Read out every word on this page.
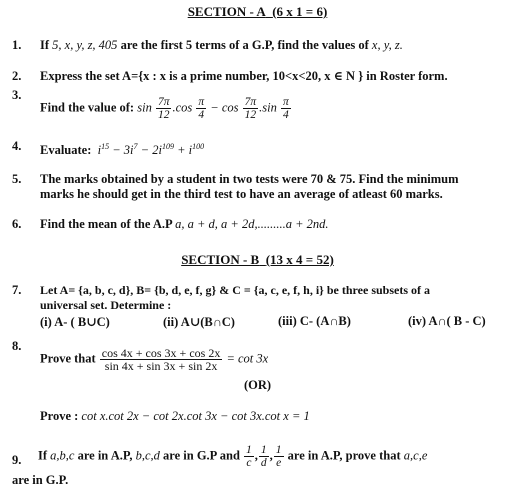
SECTION - A (6 x 1 = 6)
1. If 5, x, y, z, 405 are the first 5 terms of a G.P, find the values of x, y, z.
2. Express the set A={x : x is a prime number, 10<x<20, x ∈ N } in Roster form.
3.
Find the value of: $\sin \frac{7\pi}{12} .\cos \frac{\pi}{4} - \cos \frac{7\pi}{12} .\sin \frac{\pi}{4}$
4. Evaluate: $i^{15} - 3i^7 - 2i^{109} + i^{100}$
5. The marks obtained by a student in two tests were 70 & 75. Find the minimum
marks he should get in the third test to have an average of atleast 60 marks.
6. Find the mean of the A.P a, a + d, a + 2d,.........a + 2nd.
SECTION - B (13 x 4 = 52)
7. Let A= {a, b, c, d}, B= {b, d, e, f, g} & C = {a, c, e, f, h, i} be three subsets of a
universal set. Determine :
(i) A- ( B∪C)	(ii) A∪(B∩C)	(iii) C- (A∩B)	(iv) A∩( B - C)
8.
Prove that $\frac{\cos 4x + \cos 3x + \cos 2x}{\sin 4x + \sin 3x + \sin 2x} = \cot 3x$
(OR)
Prove : cot x.cot 2x − cot 2x.cot 3x − cot 3x.cot x = 1
9. If a,b,c are in A.P, b,c,d are in G.P and $\frac{1}{c}$ , $\frac{1}{d}$ , $\frac{1}{e}$ are in A.P, prove that a,c,e
are in G.P.
